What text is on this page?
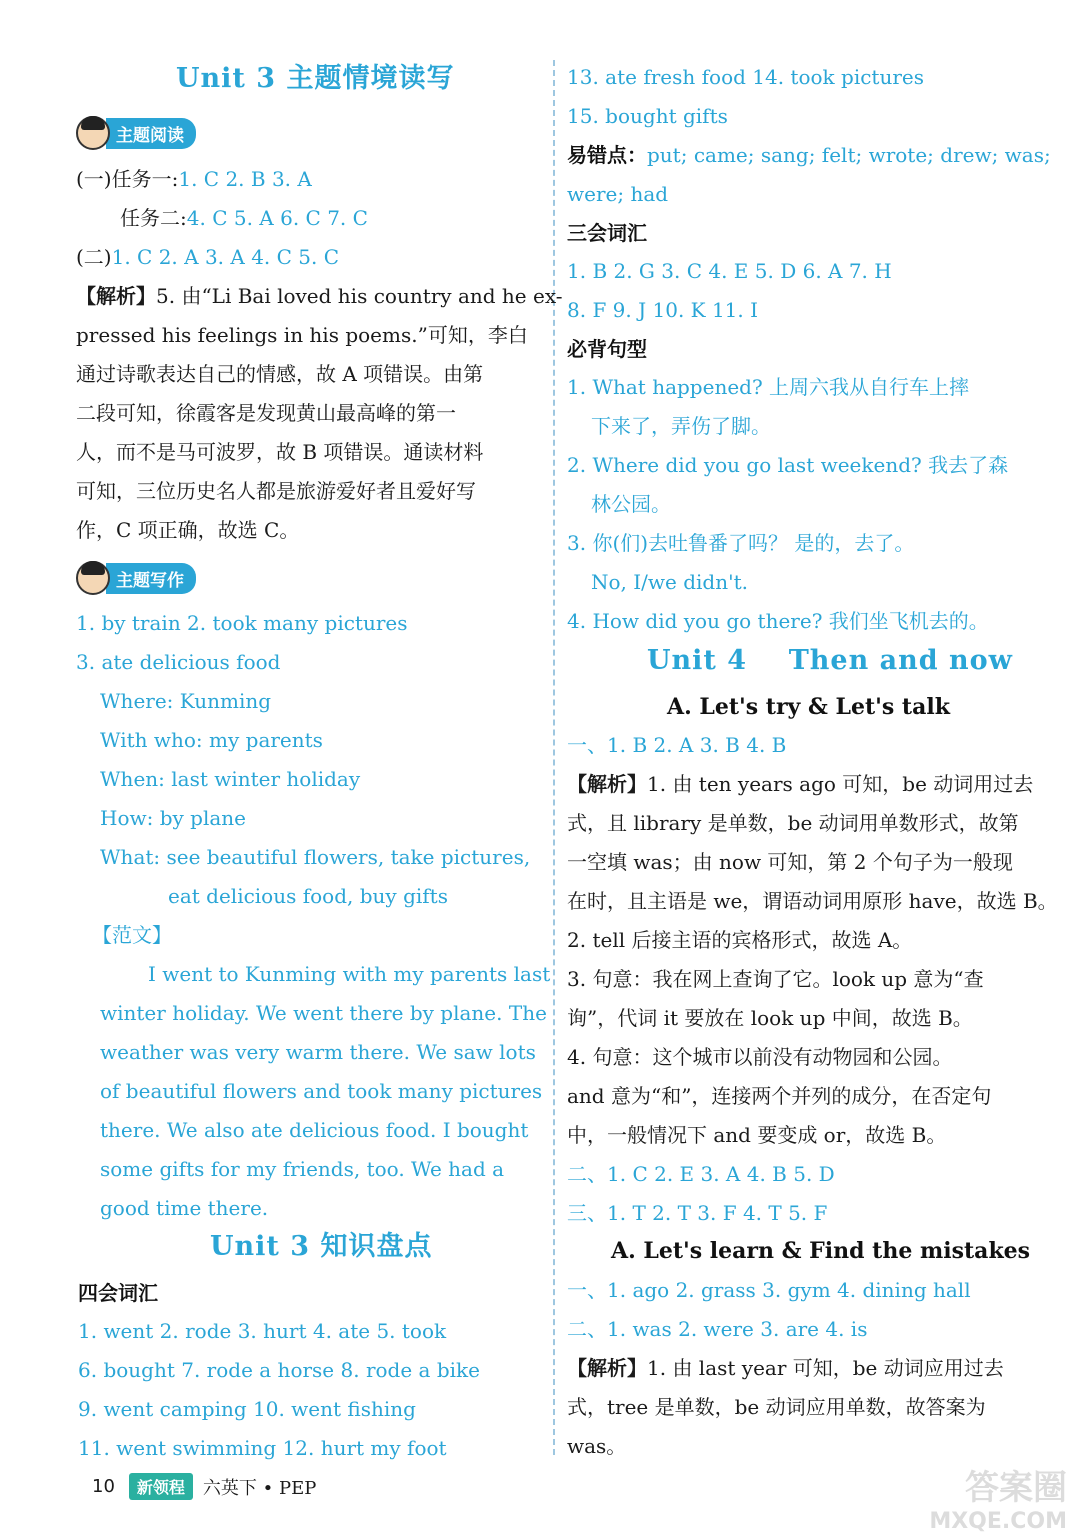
Unit 3 主题情境读写
主题阅读
(一)任务一:1. C 2. B 3. A
任务二:4. C 5. A 6. C 7. C
(二)1. C 2. A 3. A 4. C 5. C
【解析】5. 由“Li Bai loved his country and he ex-
pressed his feelings in his poems.”可知，李白
通过诗歌表达自己的情感，故 A 项错误。由第
二段可知，徐霞客是发现黄山最高峰的第一
人，而不是马可波罗，故 B 项错误。通读材料
可知，三位历史名人都是旅游爱好者且爱好写
作，C 项正确，故选 C。
主题写作
1. by train 2. took many pictures
3. ate delicious food
Where: Kunming
With who: my parents
When: last winter holiday
How: by plane
What: see beautiful flowers, take pictures,
eat delicious food, buy gifts
【范文】
I went to Kunming with my parents last
winter holiday. We went there by plane. The
weather was very warm there. We saw lots
of beautiful flowers and took many pictures
there. We also ate delicious food. I bought
some gifts for my friends, too. We had a
good time there.
Unit 3 知识盘点
四会词汇
1. went 2. rode 3. hurt 4. ate 5. took
6. bought 7. rode a horse 8. rode a bike
9. went camping 10. went fishing
11. went swimming 12. hurt my foot
13. ate fresh food 14. took pictures
15. bought gifts
易错点：put; came; sang; felt; wrote; drew; was;
were; had
三会词汇
1. B 2. G 3. C 4. E 5. D 6. A 7. H
8. F 9. J 10. K 11. I
必背句型
1. What happened? 上周六我从自行车上摔
下来了，弄伤了脚。
2. Where did you go last weekend? 我去了森
林公园。
3. 你(们)去吐鲁番了吗？ 是的，去了。
No, I/we didn't.
4. How did you go there? 我们坐飞机去的。
Unit 4    Then and now
A. Let's try & Let's talk
一、1. B 2. A 3. B 4. B
【解析】1. 由 ten years ago 可知，be 动词用过去
式，且 library 是单数，be 动词用单数形式，故第
一空填 was；由 now 可知，第 2 个句子为一般现
在时，且主语是 we，谓语动词用原形 have，故选 B。
2. tell 后接主语的宾格形式，故选 A。
3. 句意：我在网上查询了它。look up 意为“查
询”，代词 it 要放在 look up 中间，故选 B。
4. 句意：这个城市以前没有动物园和公园。
and 意为“和”，连接两个并列的成分，在否定句
中，一般情况下 and 要变成 or，故选 B。
二、1. C 2. E 3. A 4. B 5. D
三、1. T 2. T 3. F 4. T 5. F
A. Let's learn & Find the mistakes
一、1. ago 2. grass 3. gym 4. dining hall
二、1. was 2. were 3. are 4. is
【解析】1. 由 last year 可知，be 动词应用过去
式，tree 是单数，be 动词应用单数，故答案为
was。
10	新领程	六英下 • PEP	答案圈
MXQE.COM
